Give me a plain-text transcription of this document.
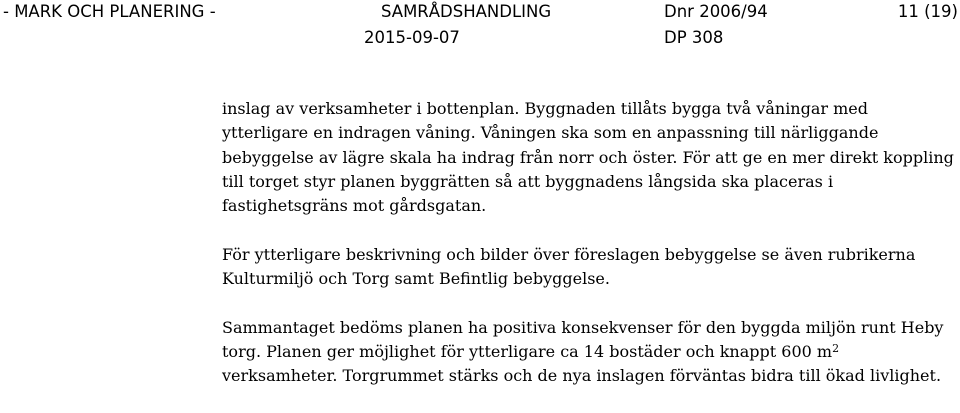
- MARK OCH PLANERING -	SAMRÅDSHANDLING
2015-09-07
Dnr 2006/94
DP 308
11 (19)

inslag av verksamheter i bottenplan. Byggnaden tillåts bygga två våningar med ytterligare en indragen våning. Våningen ska som en anpassning till närliggande bebyggelse av lägre skala ha indrag från norr och öster. För att ge en mer direkt koppling till torget styr planen byggrätten så att byggnadens långsida ska placeras i fastighetsgräns mot gårdsgatan.

För ytterligare beskrivning och bilder över föreslagen bebyggelse se även rubrikerna Kulturmiljö och Torg samt Befintlig bebyggelse.

Sammantaget bedöms planen ha positiva konsekvenser för den byggda miljön runt Heby torg. Planen ger möjlighet för ytterligare ca 14 bostäder och knappt 600 $m^2$ verksamheter. Torgrummet stärks och de nya inslagen förväntas bidra till ökad livlighet.
